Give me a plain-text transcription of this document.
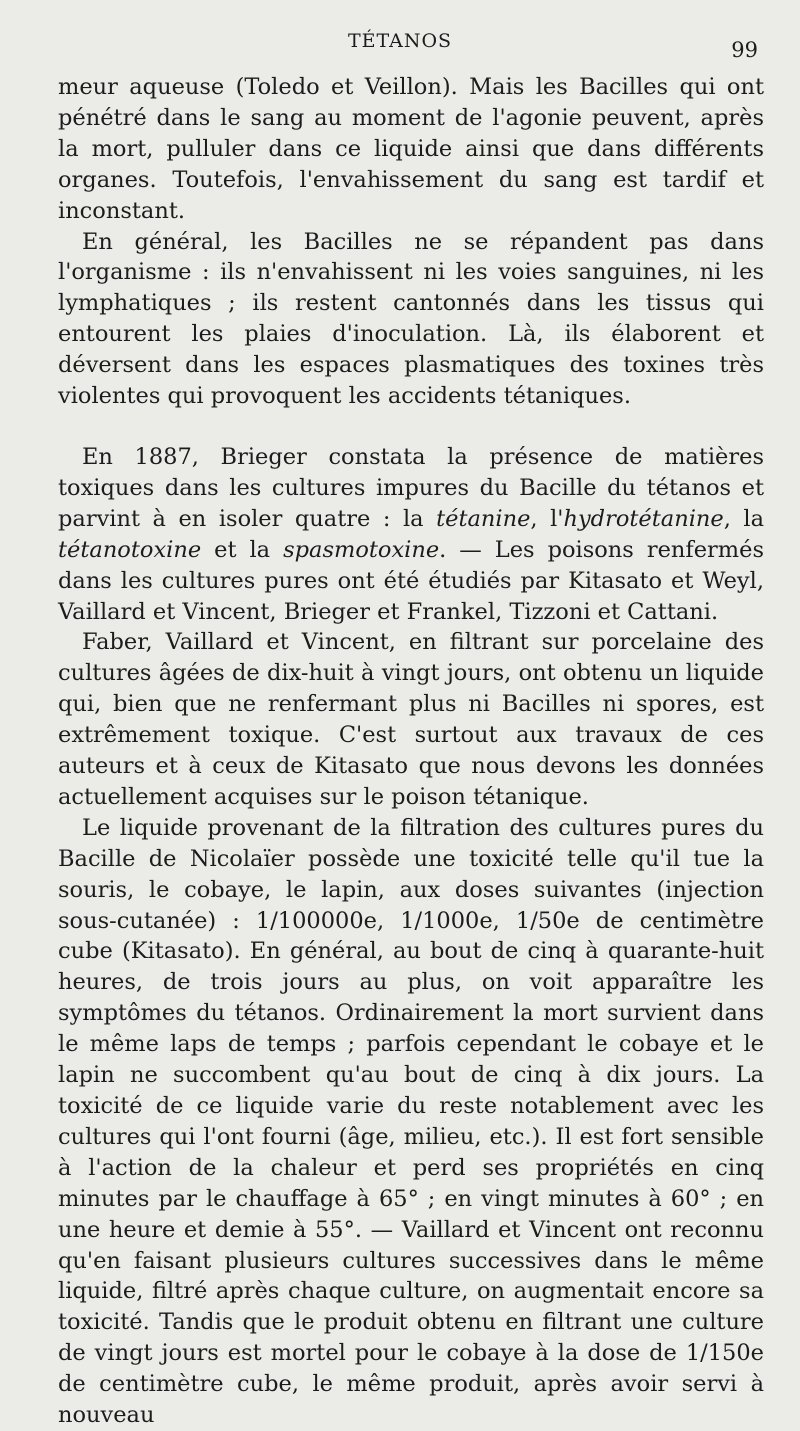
TÉTANOS	99

meur aqueuse (Toledo et Veillon). Mais les Bacilles qui ont pénétré dans le sang au moment de l'agonie peuvent, après la mort, pulluler dans ce liquide ainsi que dans différents organes. Toutefois, l'envahissement du sang est tardif et inconstant.

En général, les Bacilles ne se répandent pas dans l'organisme : ils n'envahissent ni les voies sanguines, ni les lymphatiques ; ils restent cantonnés dans les tissus qui entourent les plaies d'inoculation. Là, ils élaborent et déversent dans les espaces plasmatiques des toxines très violentes qui provoquent les accidents tétaniques.

En 1887, Brieger constata la présence de matières toxiques dans les cultures impures du Bacille du tétanos et parvint à en isoler quatre : la tétanine, l'hydrotétanine, la tétanotoxine et la spasmotoxine. — Les poisons renfermés dans les cultures pures ont été étudiés par Kitasato et Weyl, Vaillard et Vincent, Brieger et Frankel, Tizzoni et Cattani.

Faber, Vaillard et Vincent, en filtrant sur porcelaine des cultures âgées de dix-huit à vingt jours, ont obtenu un liquide qui, bien que ne renfermant plus ni Bacilles ni spores, est extrêmement toxique. C'est surtout aux travaux de ces auteurs et à ceux de Kitasato que nous devons les données actuellement acquises sur le poison tétanique.

Le liquide provenant de la filtration des cultures pures du Bacille de Nicolaïer possède une toxicité telle qu'il tue la souris, le cobaye, le lapin, aux doses suivantes (injection sous-cutanée) : 1/100000e, 1/1000e, 1/50e de centimètre cube (Kitasato). En général, au bout de cinq à quarante-huit heures, de trois jours au plus, on voit apparaître les symptômes du tétanos. Ordinairement la mort survient dans le même laps de temps ; parfois cependant le cobaye et le lapin ne succombent qu'au bout de cinq à dix jours. La toxicité de ce liquide varie du reste notablement avec les cultures qui l'ont fourni (âge, milieu, etc.). Il est fort sensible à l'action de la chaleur et perd ses propriétés en cinq minutes par le chauffage à 65° ; en vingt minutes à 60° ; en une heure et demie à 55°. — Vaillard et Vincent ont reconnu qu'en faisant plusieurs cultures successives dans le même liquide, filtré après chaque culture, on augmentait encore sa toxicité. Tandis que le produit obtenu en filtrant une culture de vingt jours est mortel pour le cobaye à la dose de 1/150e de centimètre cube, le même produit, après avoir servi à nouveau
